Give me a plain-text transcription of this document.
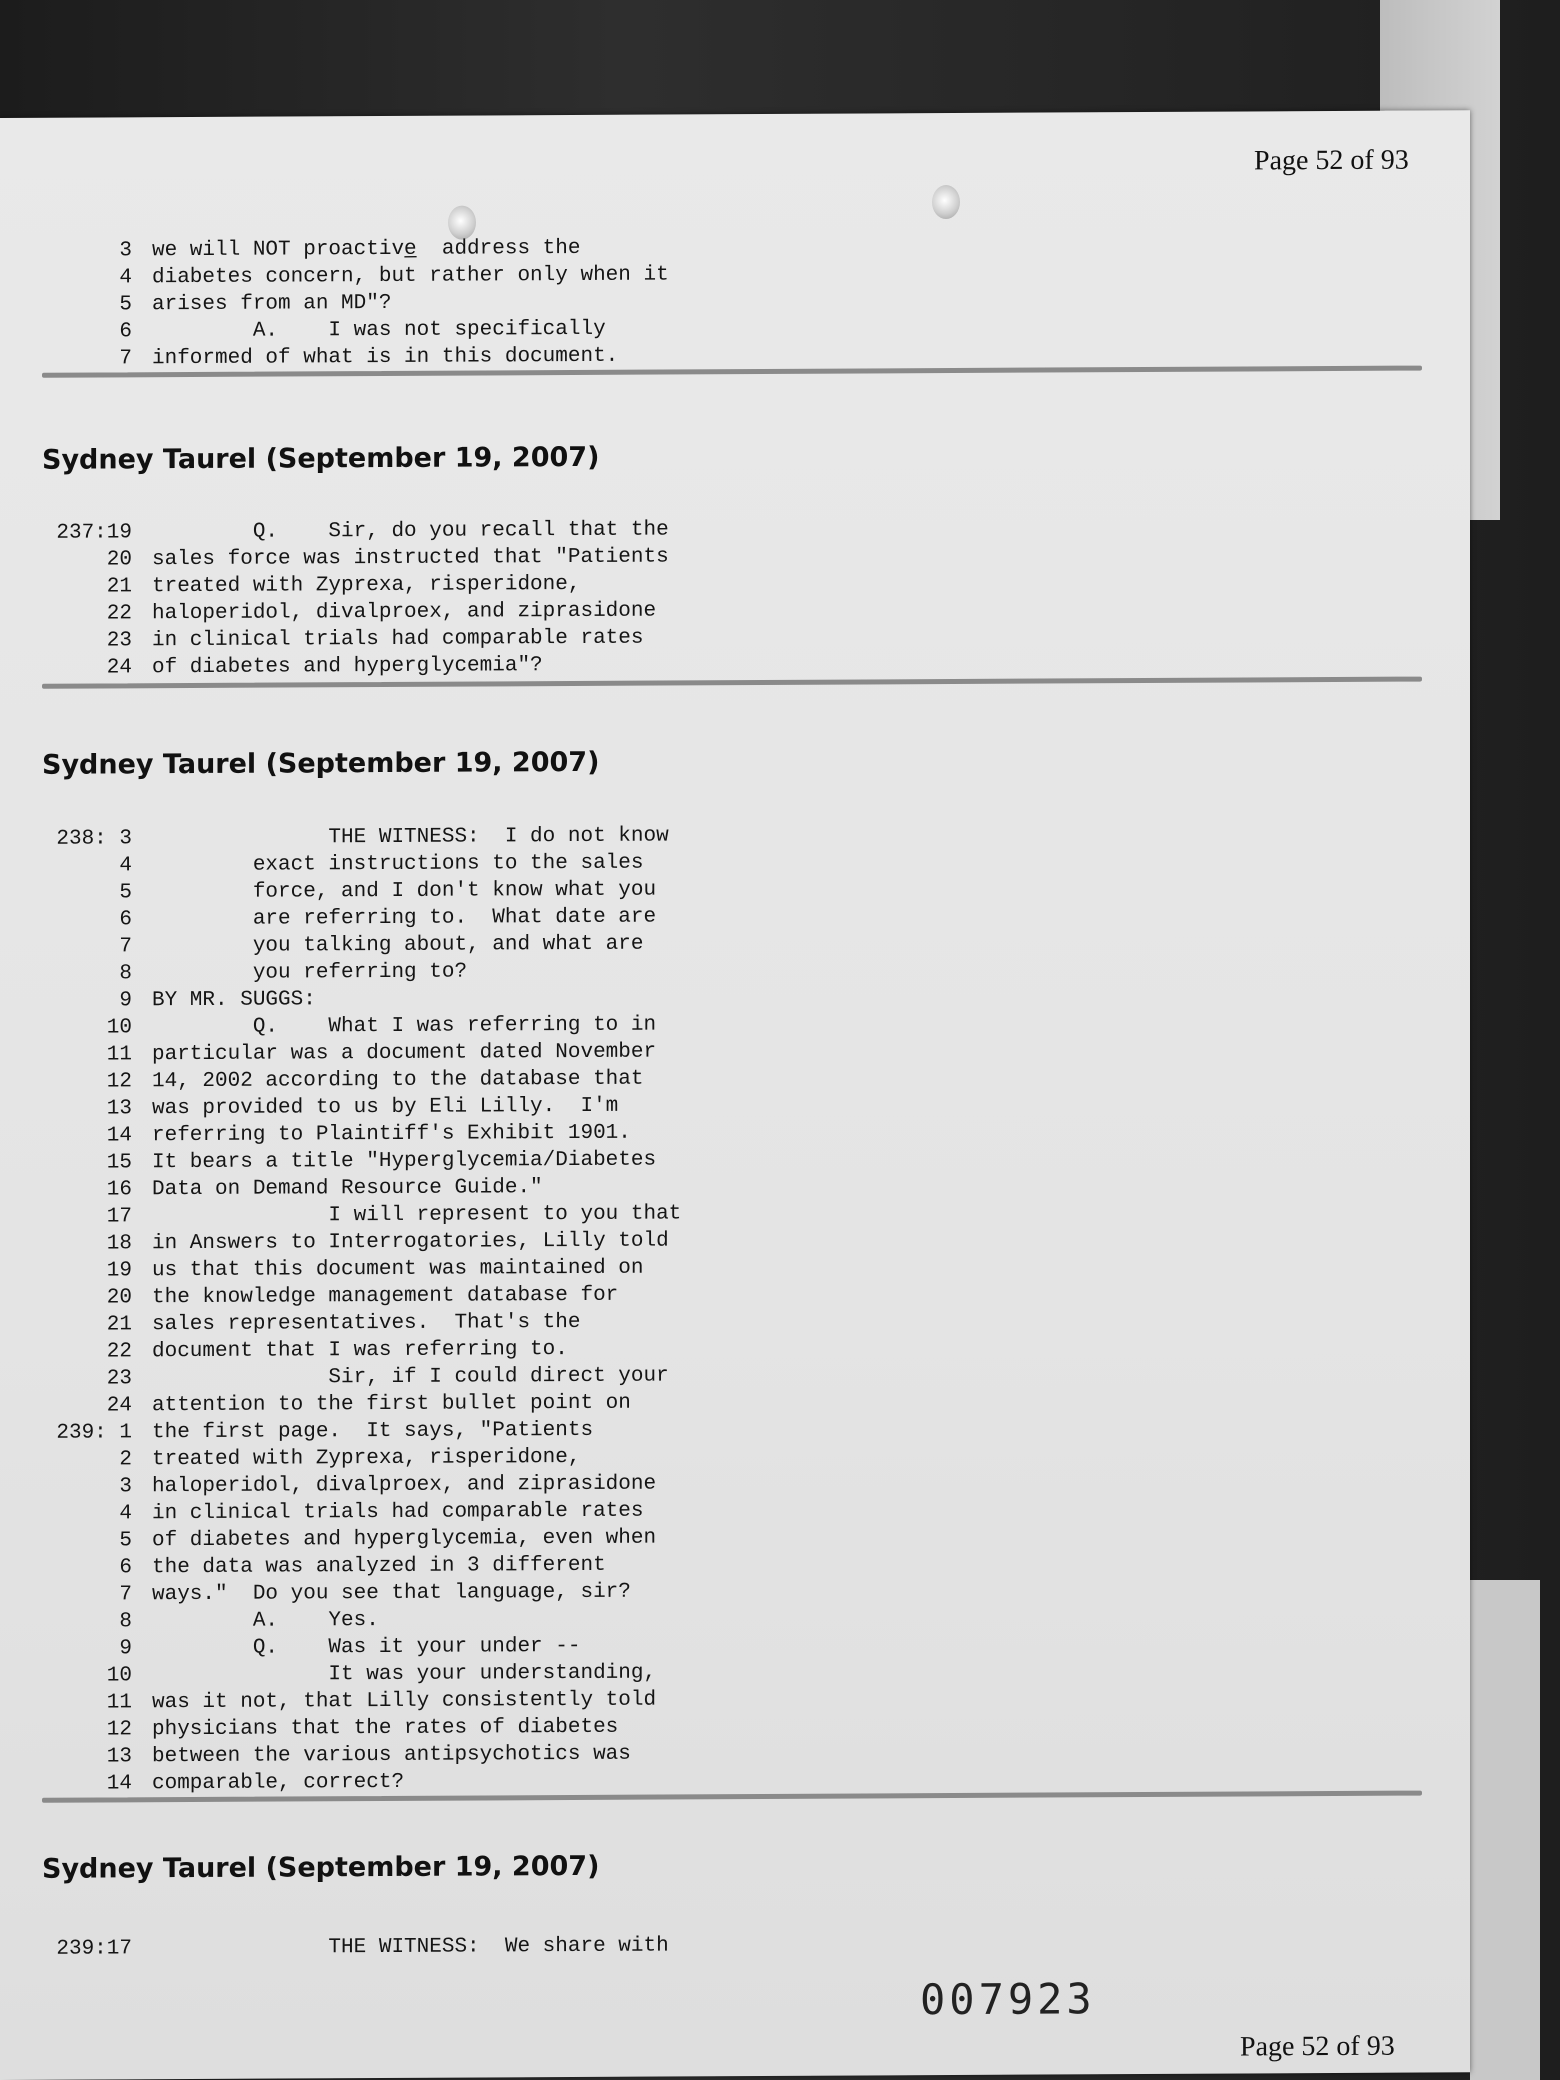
Page 52 of 93
3 we will NOT proactive̲  address the
4 diabetes concern, but rather only when it
5 arises from an MD"?
6 A.    I was not specifically
7 informed of what is in this document.
Sydney Taurel (September 19, 2007)
237:19 Q.    Sir, do you recall that the
20 sales force was instructed that "Patients
21 treated with Zyprexa, risperidone,
22 haloperidol, divalproex, and ziprasidone
23 in clinical trials had comparable rates
24 of diabetes and hyperglycemia"?
Sydney Taurel (September 19, 2007)
238: 3 THE WITNESS:  I do not know
4 exact instructions to the sales
5 force, and I don't know what you
6 are referring to.  What date are
7 you talking about, and what are
8 you referring to?
9 BY MR. SUGGS:
10 Q.    What I was referring to in
11 particular was a document dated November
12 14, 2002 according to the database that
13 was provided to us by Eli Lilly.  I'm
14 referring to Plaintiff's Exhibit 1901.
15 It bears a title "Hyperglycemia/Diabetes
16 Data on Demand Resource Guide."
17 I will represent to you that
18 in Answers to Interrogatories, Lilly told
19 us that this document was maintained on
20 the knowledge management database for
21 sales representatives.  That's the
22 document that I was referring to.
23 Sir, if I could direct your
24 attention to the first bullet point on
239: 1 the first page.  It says, "Patients
2 treated with Zyprexa, risperidone,
3 haloperidol, divalproex, and ziprasidone
4 in clinical trials had comparable rates
5 of diabetes and hyperglycemia, even when
6 the data was analyzed in 3 different
7 ways."  Do you see that language, sir?
8 A.    Yes.
9 Q.    Was it your under --
10 It was your understanding,
11 was it not, that Lilly consistently told
12 physicians that the rates of diabetes
13 between the various antipsychotics was
14 comparable, correct?
Sydney Taurel (September 19, 2007)
239:17 THE WITNESS:  We share with
007923
Page 52 of 93
